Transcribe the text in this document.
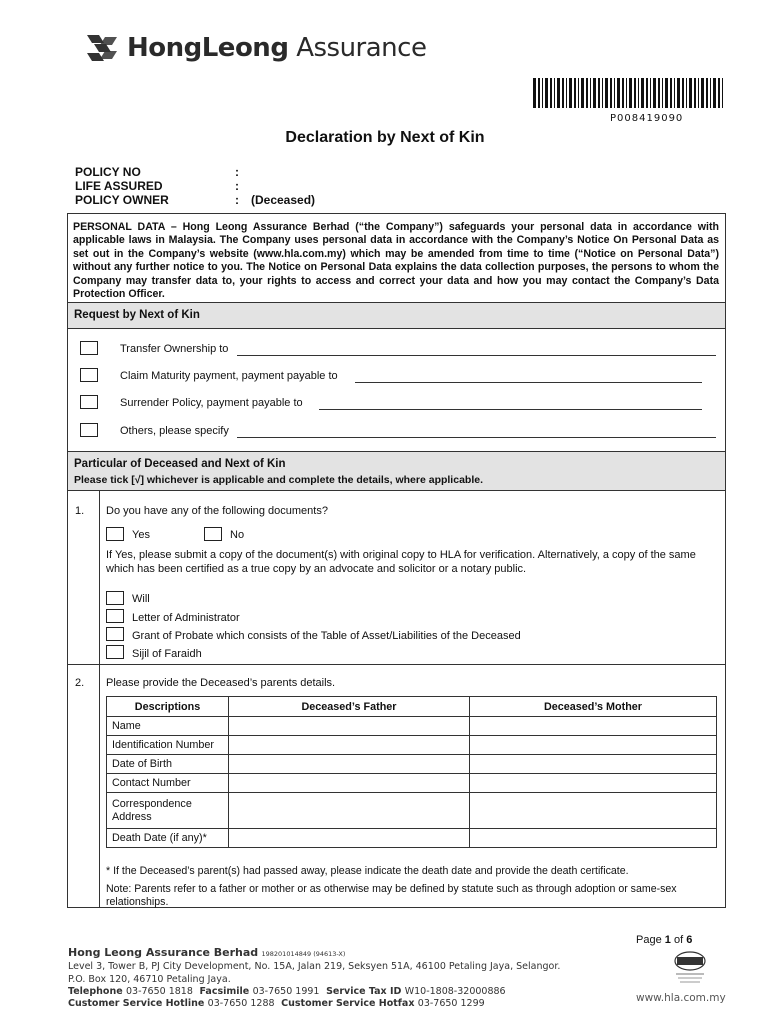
HongLeong Assurance
P008419090
Declaration by Next of Kin
POLICY NO	:
LIFE ASSURED	:
POLICY OWNER	: (Deceased)
PERSONAL DATA – Hong Leong Assurance Berhad (“the Company”) safeguards your personal data in accordance with applicable laws in Malaysia. The Company uses personal data in accordance with the Company’s Notice On Personal Data as set out in the Company’s website (www.hla.com.my) which may be amended from time to time (“Notice on Personal Data”) without any further notice to you. The Notice on Personal Data explains the data collection purposes, the persons to whom the Company may transfer data to, your rights to access and correct your data and how you may contact the Company’s Data Protection Officer.
Request by Next of Kin
Transfer Ownership to
Claim Maturity payment, payment payable to
Surrender Policy, payment payable to
Others, please specify
Particular of Deceased and Next of Kin
Please tick [√] whichever is applicable and complete the details, where applicable.
1. Do you have any of the following documents?
Yes	No
If Yes, please submit a copy of the document(s) with original copy to HLA for verification. Alternatively, a copy of the same which has been certified as a true copy by an advocate and solicitor or a notary public.
Will
Letter of Administrator
Grant of Probate which consists of the Table of Asset/Liabilities of the Deceased
Sijil of Faraidh
2. Please provide the Deceased’s parents details.
Descriptions	Deceased’s Father	Deceased’s Mother
Name		
Identification Number		
Date of Birth		
Contact Number		
Correspondence Address		
Death Date (if any)*		
* If the Deceased’s parent(s) had passed away, please indicate the death date and provide the death certificate.
Note: Parents refer to a father or mother or as otherwise may be defined by statute such as through adoption or same-sex relationships.
Page 1 of 6
Hong Leong Assurance Berhad 198201014849 (94613-X)
Level 3, Tower B, PJ City Development, No. 15A, Jalan 219, Seksyen 51A, 46100 Petaling Jaya, Selangor.
P.O. Box 120, 46710 Petaling Jaya.
Telephone 03-7650 1818 Facsimile 03-7650 1991 Service Tax ID W10-1808-32000886
Customer Service Hotline 03-7650 1288 Customer Service Hotfax 03-7650 1299	www.hla.com.my
